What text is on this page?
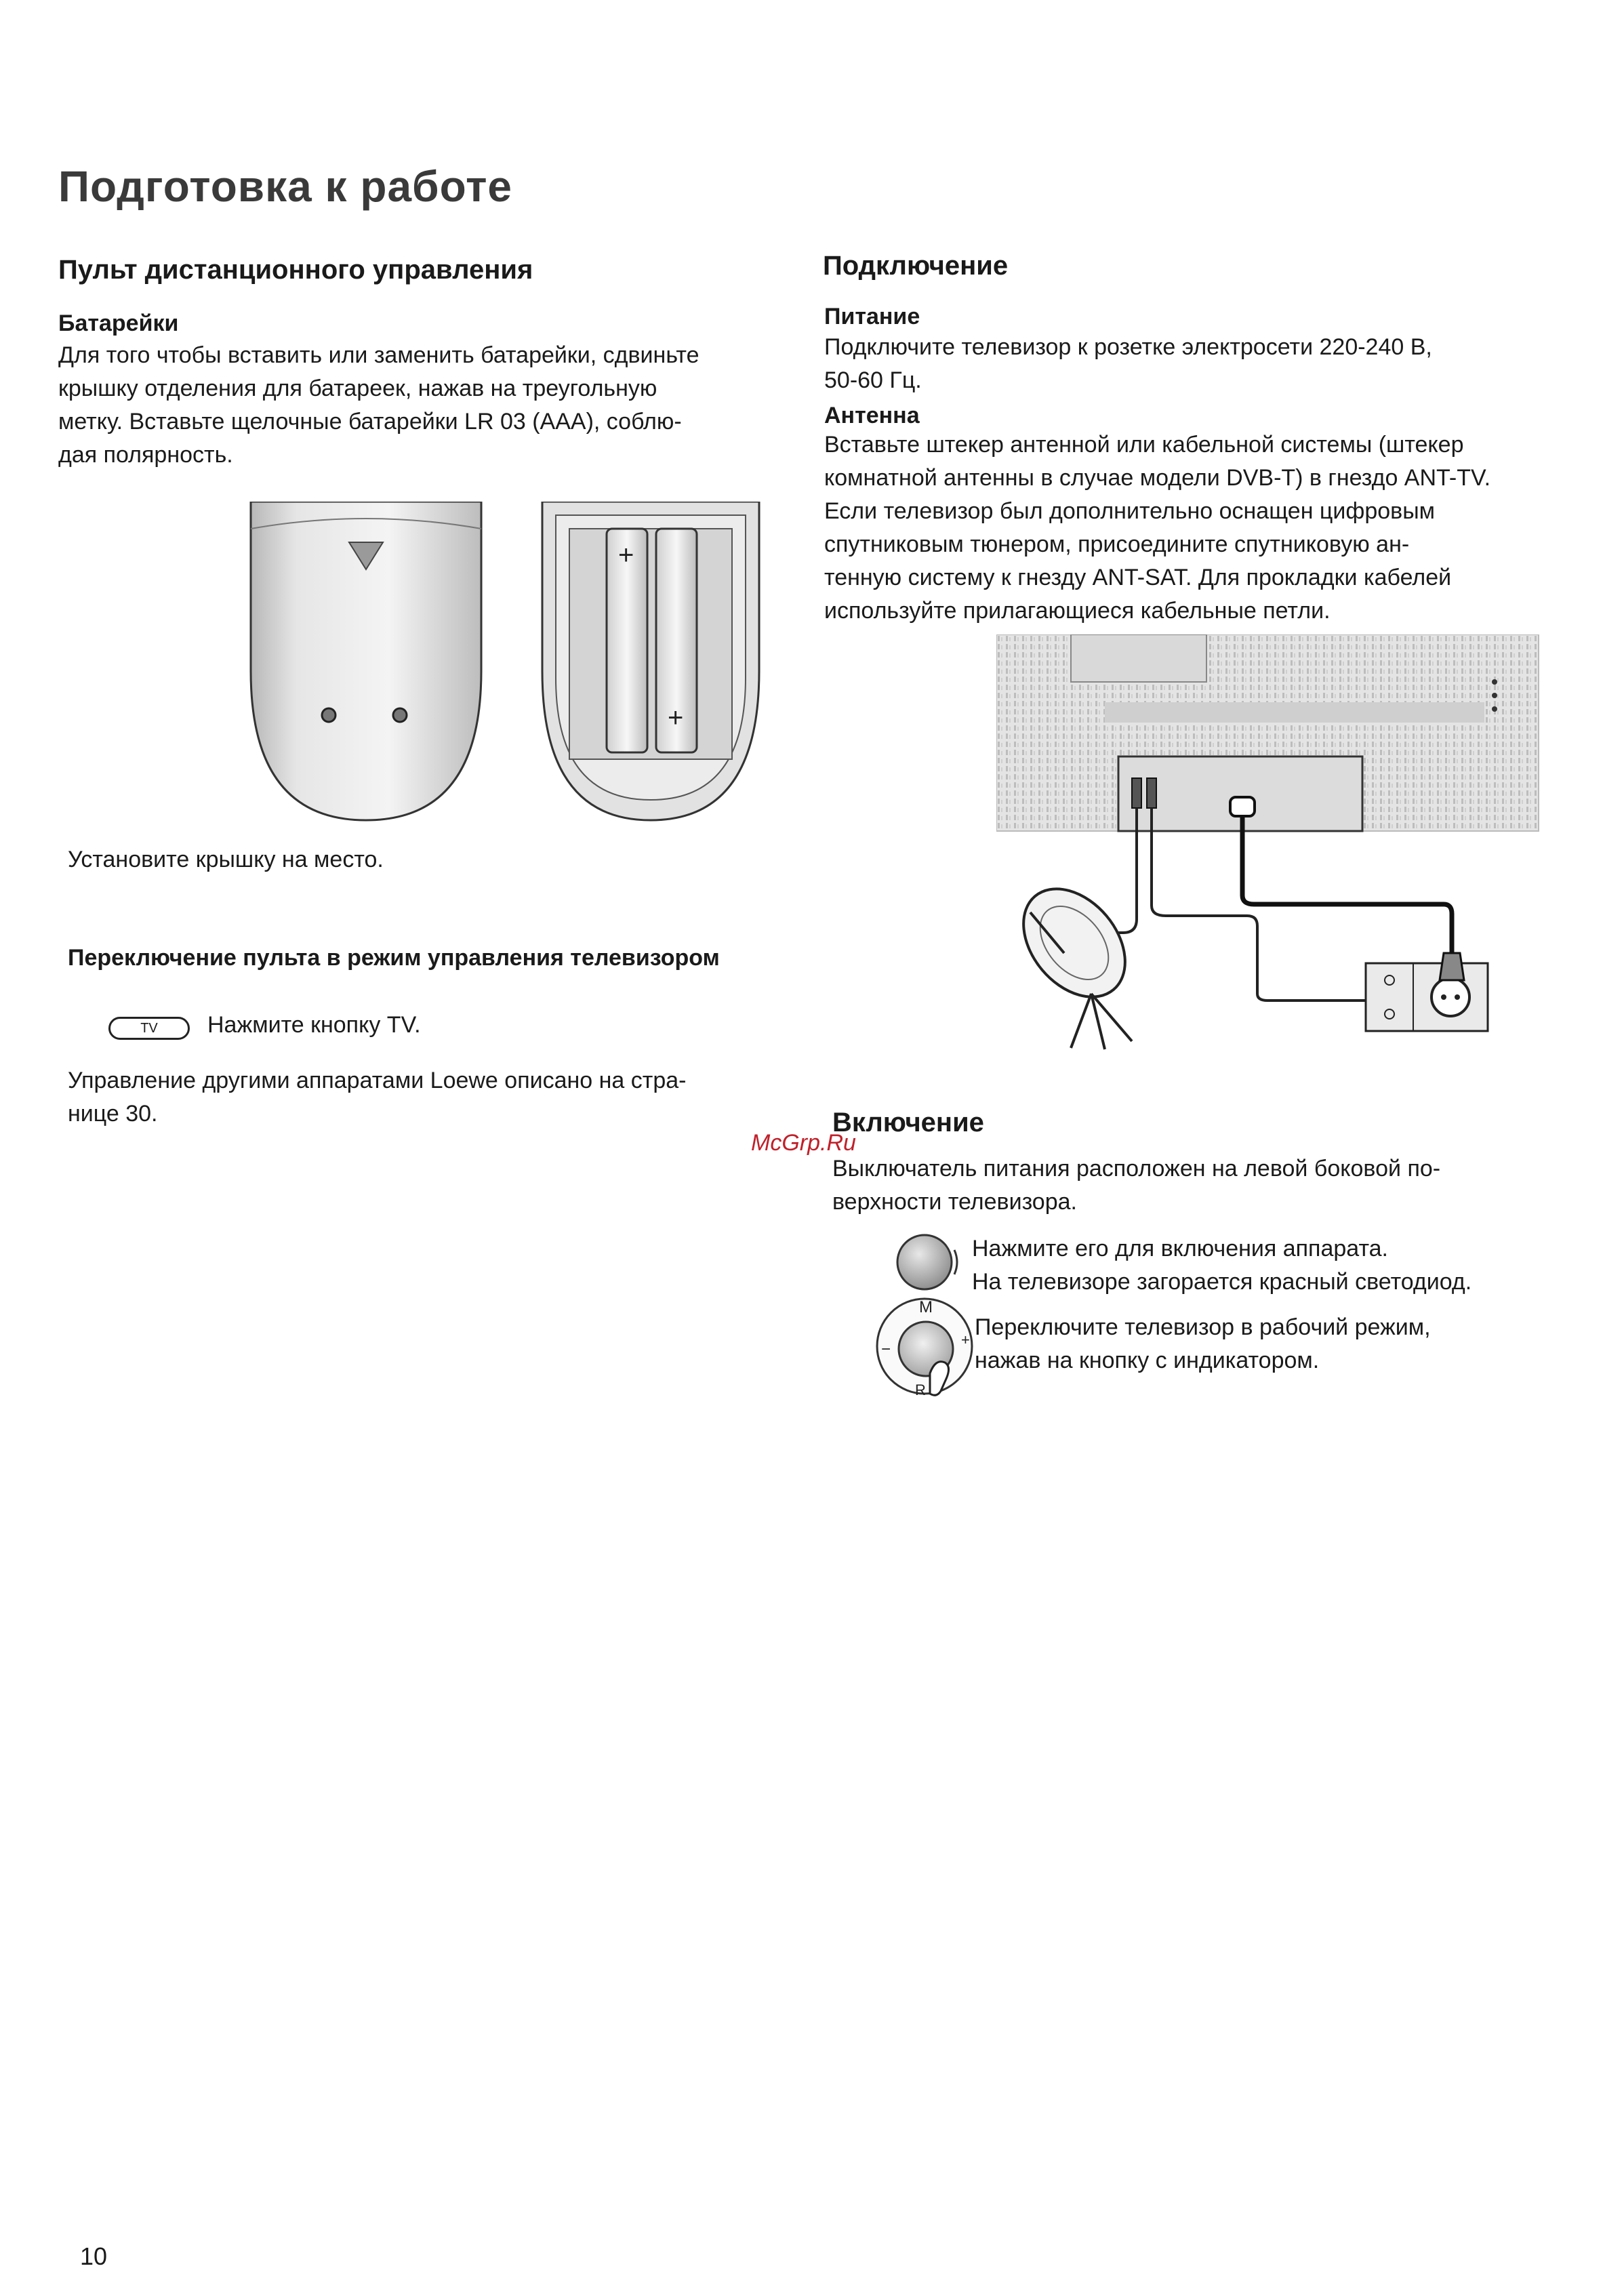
Подготовка к работе
Пульт дистанционного управления
Батарейки
Для того чтобы вставить или заменить батарейки, сдвиньте
крышку отделения для батареек, нажав на треугольную
метку. Вставьте щелочные батарейки LR 03 (AAA), соблю-
дая полярность.
+
+
Установите крышку на место.
Переключение пульта в режим управления телевизором
TV	Нажмите кнопку TV.
Управление другими аппаратами Loewe описано на стра-
нице 30.
Подключение
Питание
Подключите телевизор к розетке электросети 220-240 В,
50-60 Гц.
Антенна
Вставьте штекер антенной или кабельной системы (штекер
комнатной антенны в случае модели DVB-T) в гнездо ANT-TV.
Если телевизор был дополнительно оснащен цифровым
спутниковым тюнером, присоедините спутниковую ан-
тенную систему к гнезду ANT-SAT. Для прокладки кабелей
используйте прилагающиеся кабельные петли.
Включение
Выключатель питания расположен на левой боковой по-
верхности телевизора.
Нажмите его для включения аппарата.
На телевизоре загорается красный светодиод.
M
−
+
R
Переключите телевизор в рабочий режим,
нажав на кнопку с индикатором.
McGrp.Ru
10
